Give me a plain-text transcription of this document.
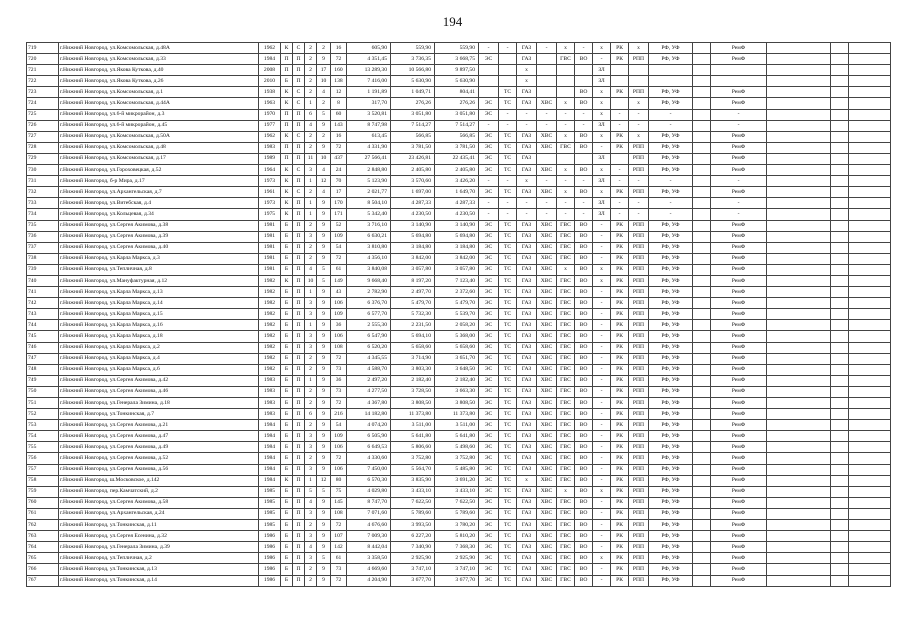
194
719	г.Нижний Новгород, ул.Комсомольская, д.48А	1962	К	С	2	2	16	605,90	559,90	559,90	-	-	ГАЗ	-	х	-	х	РК	х	РФ, УФ		РемФ			
720	г.Нижний Новгород, ул.Комсомольская, д.33	1984	П	П	2	9	72	4 351,45	3 736,35	3 668,75	ЭС		ГАЗ		ГВС	ВО	-	РК	РПП	РФ, УФ		РемФ			
721	г.Нижний Новгород, ул.Якова Куткова, д.40	2008	П	П	2	17	160	13 289,30	10 566,80	9 897,50			х				ЗЛ								
722	г.Нижний Новгород, ул.Якова Куткова, д.26	2010	Б	П	2	10	138	7 416,00	5 630,90	5 630,90			х				ЗЛ								
723	г.Нижний Новгород, ул.Комсомольская, д.1	1938	К	С	2	4	12	1 191,89	1 049,71	804,41		ТС	ГАЗ			ВО	х	РК	РПП	РФ, УФ		РемФ			
724	г.Нижний Новгород, ул.Комсомольская, д.44А	1963	К	С	1	2	8	317,70	276,26	276,26	ЭС	ТС	ГАЗ	ХВС	х	ВО	х		х	РФ, УФ		РемФ			
725	г.Нижний Новгород, ул.6-й микрорайон, д.3	1970	П	П	6	5	60	3 520,81	3 051,80	3 051,80	ЭС	-	-	-	-	-	х	-	-	-		-			
726	г.Нижний Новгород, ул.6-й микрорайон, д.45	1977	П	П	4	9	143	8 747,98	7 514,27	7 514,27	-	-	-	-	-	-	ЗЛ	-	-	-		-			
727	г.Нижний Новгород, ул.Комсомольская, д.50А	1962	К	С	2	2	16	613,45	566,85	566,85	ЭС	ТС	ГАЗ	ХВС	х	ВО	х	РК	х	РФ, УФ		РемФ			
728	г.Нижний Новгород, ул.Комсомольская, д.48	1983	П	П	2	9	72	4 331,90	3 781,50	3 781,50	ЭС	ТС	ГАЗ	ХВС	ГВС	ВО	-	РК	РПП	РФ, УФ		РемФ			
729	г.Нижний Новгород, ул.Комсомольская, д.17	1989	П	П	11	10	437	27 566,41	23 426,81	22 435,41	ЭС	ТС	ГАЗ				ЗЛ		РПП	РФ, УФ		РемФ			
730	г.Нижний Новгород, ул.Гороховецкая, д.52	1964	К	С	3	4	24	2 848,80	2 405,80	2 405,80	ЭС	ТС	ГАЗ	ХВС	х	ВО	х	-	РПП	РФ, УФ		РемФ			
731	г.Нижний Новгород, б-р Мира, д.17	1973	К	П	1	12	70	5 123,90	3 570,60	3 426,20	-	-	х	-	-	-	ЗЛ	-	-	-		-			
732	г.Нижний Новгород, ул.Архангельская, д.7	1961	К	С	2	4	17	2 021,77	1 697,00	1 649,70	ЭС	ТС	ГАЗ	ХВС	х	ВО	х	РК	РПП	РФ, УФ		РемФ			
733	г.Нижний Новгород, ул.Витебская, д.4	1973	К	П	1	9	170	8 504,10	4 287,33	4 287,33	-	-	-	-	-	-	ЗЛ	-	-	-		-			
734	г.Нижний Новгород, ул.Кольцевая, д.34	1975	К	П	1	9	171	5 342,40	4 230,50	4 230,50	-	-	-	-	-	-	ЗЛ	-	-	-		-			
735	г.Нижний Новгород, ул.Сергея Акимова, д.38	1981	Б	П	2	9	52	3 716,10	3 140,90	3 140,90	ЭС	ТС	ГАЗ	ХВС	ГВС	ВО	-	РК	РПП	РФ, УФ		РемФ			
736	г.Нижний Новгород, ул.Сергея Акимова, д.39	1981	Б	П	3	9	109	6 630,21	5 694,80	5 694,80	ЭС	ТС	ГАЗ	ХВС	ГВС	ВО	-	РК	РПП	РФ, УФ		РемФ			
737	г.Нижний Новгород, ул.Сергея Акимова, д.40	1981	Б	П	2	9	54	3 810,80	3 184,80	3 184,80	ЭС	ТС	ГАЗ	ХВС	ГВС	ВО	-	РК	РПП	РФ, УФ		РемФ			
738	г.Нижний Новгород, ул.Карла Маркса, д.3	1981	Б	П	2	9	72	4 356,10	3 842,00	3 842,00	ЭС	ТС	ГАЗ	ХВС	ГВС	ВО	-	РК	РПП	РФ, УФ		РемФ			
739	г.Нижний Новгород, ул.Тепличная, д.8	1981	Б	П	4	5	61	3 840,08	3 057,80	3 057,80	ЭС	ТС	ГАЗ	ХВС	х	ВО	х	РК	РПП	РФ, УФ		РемФ			
740	г.Нижний Новгород, ул.Мануфактурная, д.12	1982	К	П	10	5	149	9 668,40	8 197,20	7 123,40	ЭС	ТС	ГАЗ	ХВС	ГВС	ВО	х	РК	РПП	РФ, УФ		РемФ			
741	г.Нижний Новгород, ул.Карла Маркса, д.13	1982	Б	П	1	9	43	2 782,90	2 497,70	2 372,60	ЭС	ТС	ГАЗ	ХВС	ГВС	ВО	-	РК	РПП	РФ, УФ		РемФ			
742	г.Нижний Новгород, ул.Карла Маркса, д.14	1982	Б	П	3	9	106	6 376,70	5 479,70	5 479,70	ЭС	ТС	ГАЗ	ХВС	ГВС	ВО	-	РК	РПП	РФ, УФ		РемФ			
743	г.Нижний Новгород, ул.Карла Маркса, д.15	1982	Б	П	3	9	109	6 577,70	5 732,30	5 539,70	ЭС	ТС	ГАЗ	ХВС	ГВС	ВО	-	РК	РПП	РФ, УФ		РемФ			
744	г.Нижний Новгород, ул.Карла Маркса, д.16	1982	Б	П	1	9	36	2 555,30	2 231,50	2 058,20	ЭС	ТС	ГАЗ	ХВС	ГВС	ВО	-	РК	РПП	РФ, УФ		РемФ			
745	г.Нижний Новгород, ул.Карла Маркса, д.18	1982	Б	П	3	9	106	6 547,90	5 694,10	5 368,00	ЭС	ТС	ГАЗ	ХВС	ГВС	ВО	-	РК	РПП	РФ, УФ		РемФ			
746	г.Нижний Новгород, ул.Карла Маркса, д.2	1982	Б	П	3	9	108	6 520,20	5 658,60	5 658,60	ЭС	ТС	ГАЗ	ХВС	ГВС	ВО	-	РК	РПП	РФ, УФ		РемФ			
747	г.Нижний Новгород, ул.Карла Маркса, д.4	1982	Б	П	2	9	72	4 345,55	3 714,90	3 651,70	ЭС	ТС	ГАЗ	ХВС	ГВС	ВО	-	РК	РПП	РФ, УФ		РемФ			
748	г.Нижний Новгород, ул.Карла Маркса, д.6	1982	Б	П	2	9	73	4 588,70	3 803,30	3 648,50	ЭС	ТС	ГАЗ	ХВС	ГВС	ВО	-	РК	РПП	РФ, УФ		РемФ			
749	г.Нижний Новгород, ул.Сергея Акимова, д.42	1983	Б	П	1	9	36	2 497,20	2 182,40	2 182,40	ЭС	ТС	ГАЗ	ХВС	ГВС	ВО	-	РК	РПП	РФ, УФ		РемФ			
750	г.Нижний Новгород, ул.Сергея Акимова, д.46	1983	Б	П	2	9	73	4 277,50	3 728,50	3 663,30	ЭС	ТС	ГАЗ	ХВС	ГВС	ВО	-	РК	РПП	РФ, УФ		РемФ			
751	г.Нижний Новгород, ул.Генерала Зимина, д.18	1983	Б	П	2	9	72	4 367,80	3 808,50	3 808,50	ЭС	ТС	ГАЗ	ХВС	ГВС	ВО	-	РК	РПП	РФ, УФ		РемФ			
752	г.Нижний Новгород, ул.Тонкинская, д.7	1983	Б	П	6	9	216	14 182,80	11 373,80	11 373,80	ЭС	ТС	ГАЗ	ХВС	ГВС	ВО	-	РК	РПП	РФ, УФ		РемФ			
753	г.Нижний Новгород, ул.Сергея Акимова, д.21	1984	Б	П	2	9	54	4 074,20	3 511,00	3 511,00	ЭС	ТС	ГАЗ	ХВС	ГВС	ВО	-	РК	РПП	РФ, УФ		РемФ			
754	г.Нижний Новгород, ул.Сергея Акимова, д.47	1984	Б	П	3	9	109	6 505,90	5 641,80	5 641,80	ЭС	ТС	ГАЗ	ХВС	ГВС	ВО	-	РК	РПП	РФ, УФ		РемФ			
755	г.Нижний Новгород, ул.Сергея Акимова, д.49	1984	Б	П	3	9	106	6 649,53	5 806,60	5 498,60	ЭС	ТС	ГАЗ	ХВС	ГВС	ВО	-	РК	РПП	РФ, УФ		РемФ			
756	г.Нижний Новгород, ул.Сергея Акимова, д.52	1984	Б	П	2	9	72	4 330,60	3 752,80	3 752,80	ЭС	ТС	ГАЗ	ХВС	ГВС	ВО	-	РК	РПП	РФ, УФ		РемФ			
757	г.Нижний Новгород, ул.Сергея Акимова, д.56	1984	Б	П	3	9	106	7 450,00	5 564,70	5 485,80	ЭС	ТС	ГАЗ	ХВС	ГВС	ВО	-	РК	РПП	РФ, УФ		РемФ			
758	г.Нижний Новгород, ш.Московское, д.142	1984	К	П	1	12	80	6 570,30	3 835,90	3 691,20	ЭС	ТС	х	ХВС	ГВС	ВО	-	РК	РПП	РФ, УФ		РемФ			
759	г.Нижний Новгород, пер.Камчатский, д.2	1985	Б	П	5	5	75	4 029,80	3 433,10	3 433,10	ЭС	ТС	ГАЗ	ХВС	х	ВО	х	РК	РПП	РФ, УФ		РемФ			
760	г.Нижний Новгород, ул.Сергея Акимова, д.58	1985	Б	П	4	9	145	8 747,70	7 622,50	7 622,50	ЭС	ТС	ГАЗ	ХВС	ГВС	ВО	-	РК	РПП	РФ, УФ		РемФ			
761	г.Нижний Новгород, ул.Архангельская, д.24	1985	Б	П	3	9	108	7 071,60	5 789,60	5 789,60	ЭС	ТС	ГАЗ	ХВС	ГВС	ВО	-	РК	РПП	РФ, УФ		РемФ			
762	г.Нижний Новгород, ул.Тонкинская, д.11	1985	Б	П	2	9	72	4 676,60	3 993,50	3 780,20	ЭС	ТС	ГАЗ	ХВС	ГВС	ВО	-	РК	РПП	РФ, УФ		РемФ			
763	г.Нижний Новгород, ул.Сергея Есенина, д.32	1986	Б	П	3	9	107	7 009,30	6 227,20	5 810,20	ЭС	ТС	ГАЗ	ХВС	ГВС	ВО	-	РК	РПП	РФ, УФ		РемФ			
764	г.Нижний Новгород, ул.Генерала Зимина, д.39	1986	Б	П	4	9	142	8 442,04	7 340,90	7 368,30	ЭС	ТС	ГАЗ	ХВС	ГВС	ВО	-	РК	РПП	РФ, УФ		РемФ			
765	г.Нижний Новгород, ул.Тепличная, д.2	1986	Б	П	3	5	61	3 358,50	2 925,90	2 925,90	ЭС	ТС	ГАЗ	ХВС	ГВС	ВО	х	РК	РПП	РФ, УФ		РемФ			
766	г.Нижний Новгород, ул.Тонкинская, д.13	1986	Б	П	2	9	73	4 669,60	3 747,10	3 747,10	ЭС	ТС	ГАЗ	ХВС	ГВС	ВО	-	РК	РПП	РФ, УФ		РемФ			
767	г.Нижний Новгород, ул.Тонкинская, д.14	1986	Б	П	2	9	72	4 204,90	3 677,70	3 677,70	ЭС	ТС	ГАЗ	ХВС	ГВС	ВО	-	РК	РПП	РФ, УФ		РемФ			
